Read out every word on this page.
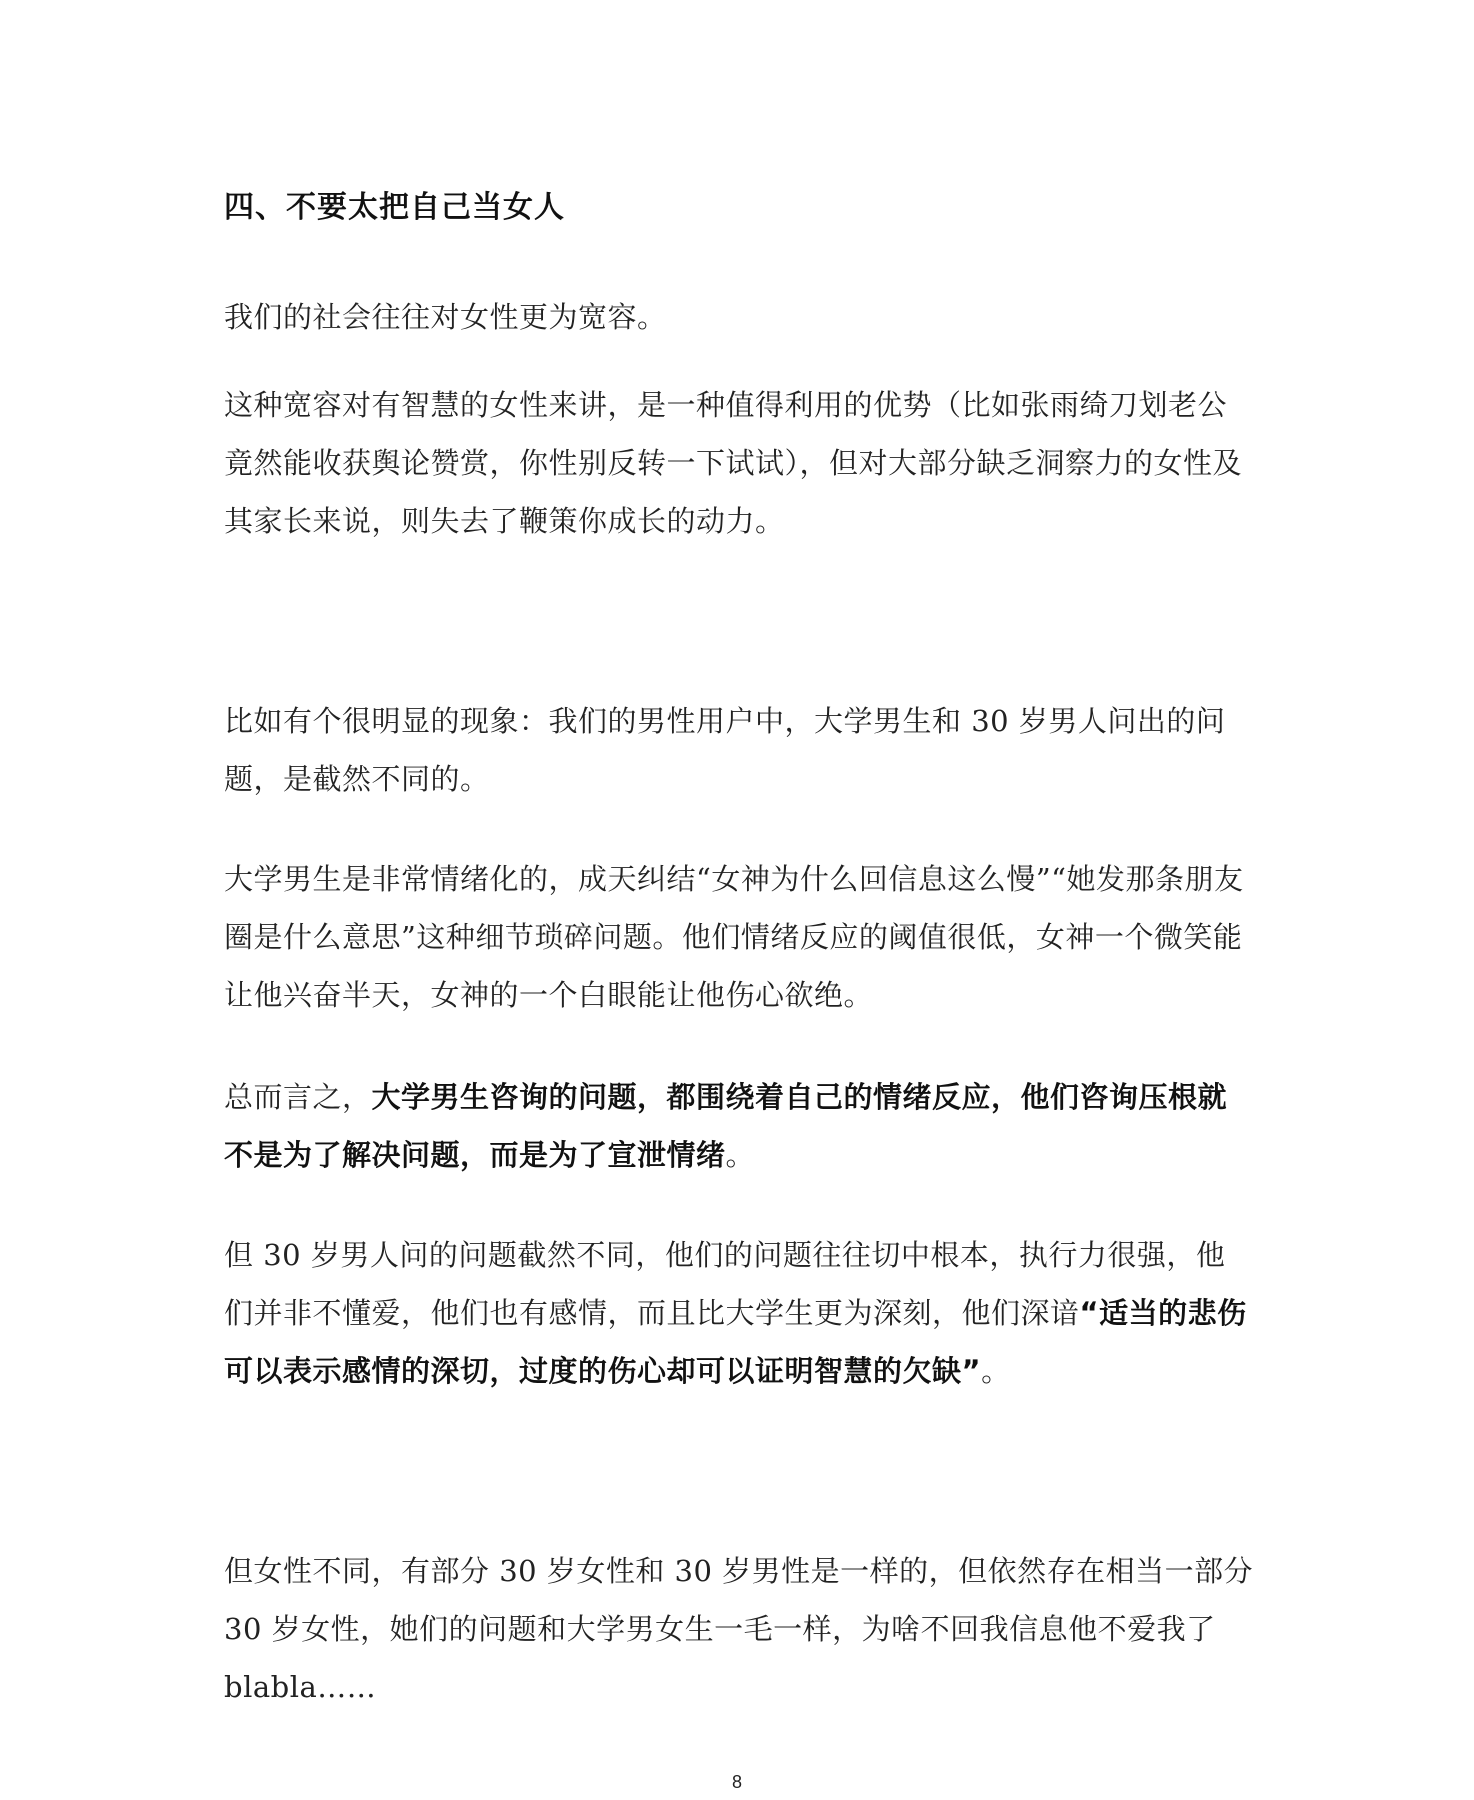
四、不要太把自己当女人
我们的社会往往对女性更为宽容。
这种宽容对有智慧的女性来讲，是一种值得利用的优势（比如张雨绮刀划老公竟然能收获舆论赞赏，你性别反转一下试试），但对大部分缺乏洞察力的女性及其家长来说，则失去了鞭策你成长的动力。
比如有个很明显的现象：我们的男性用户中，大学男生和 30 岁男人问出的问题，是截然不同的。
大学男生是非常情绪化的，成天纠结“女神为什么回信息这么慢”“她发那条朋友圈是什么意思”这种细节琐碎问题。他们情绪反应的阈值很低，女神一个微笑能让他兴奋半天，女神的一个白眼能让他伤心欲绝。
总而言之，大学男生咨询的问题，都围绕着自己的情绪反应，他们咨询压根就不是为了解决问题，而是为了宣泄情绪。
但 30 岁男人问的问题截然不同，他们的问题往往切中根本，执行力很强，他们并非不懂爱，他们也有感情，而且比大学生更为深刻，他们深谙“适当的悲伤可以表示感情的深切，过度的伤心却可以证明智慧的欠缺”。
但女性不同，有部分 30 岁女性和 30 岁男性是一样的，但依然存在相当一部分 30 岁女性，她们的问题和大学男女生一毛一样，为啥不回我信息他不爱我了 blabla……
8
